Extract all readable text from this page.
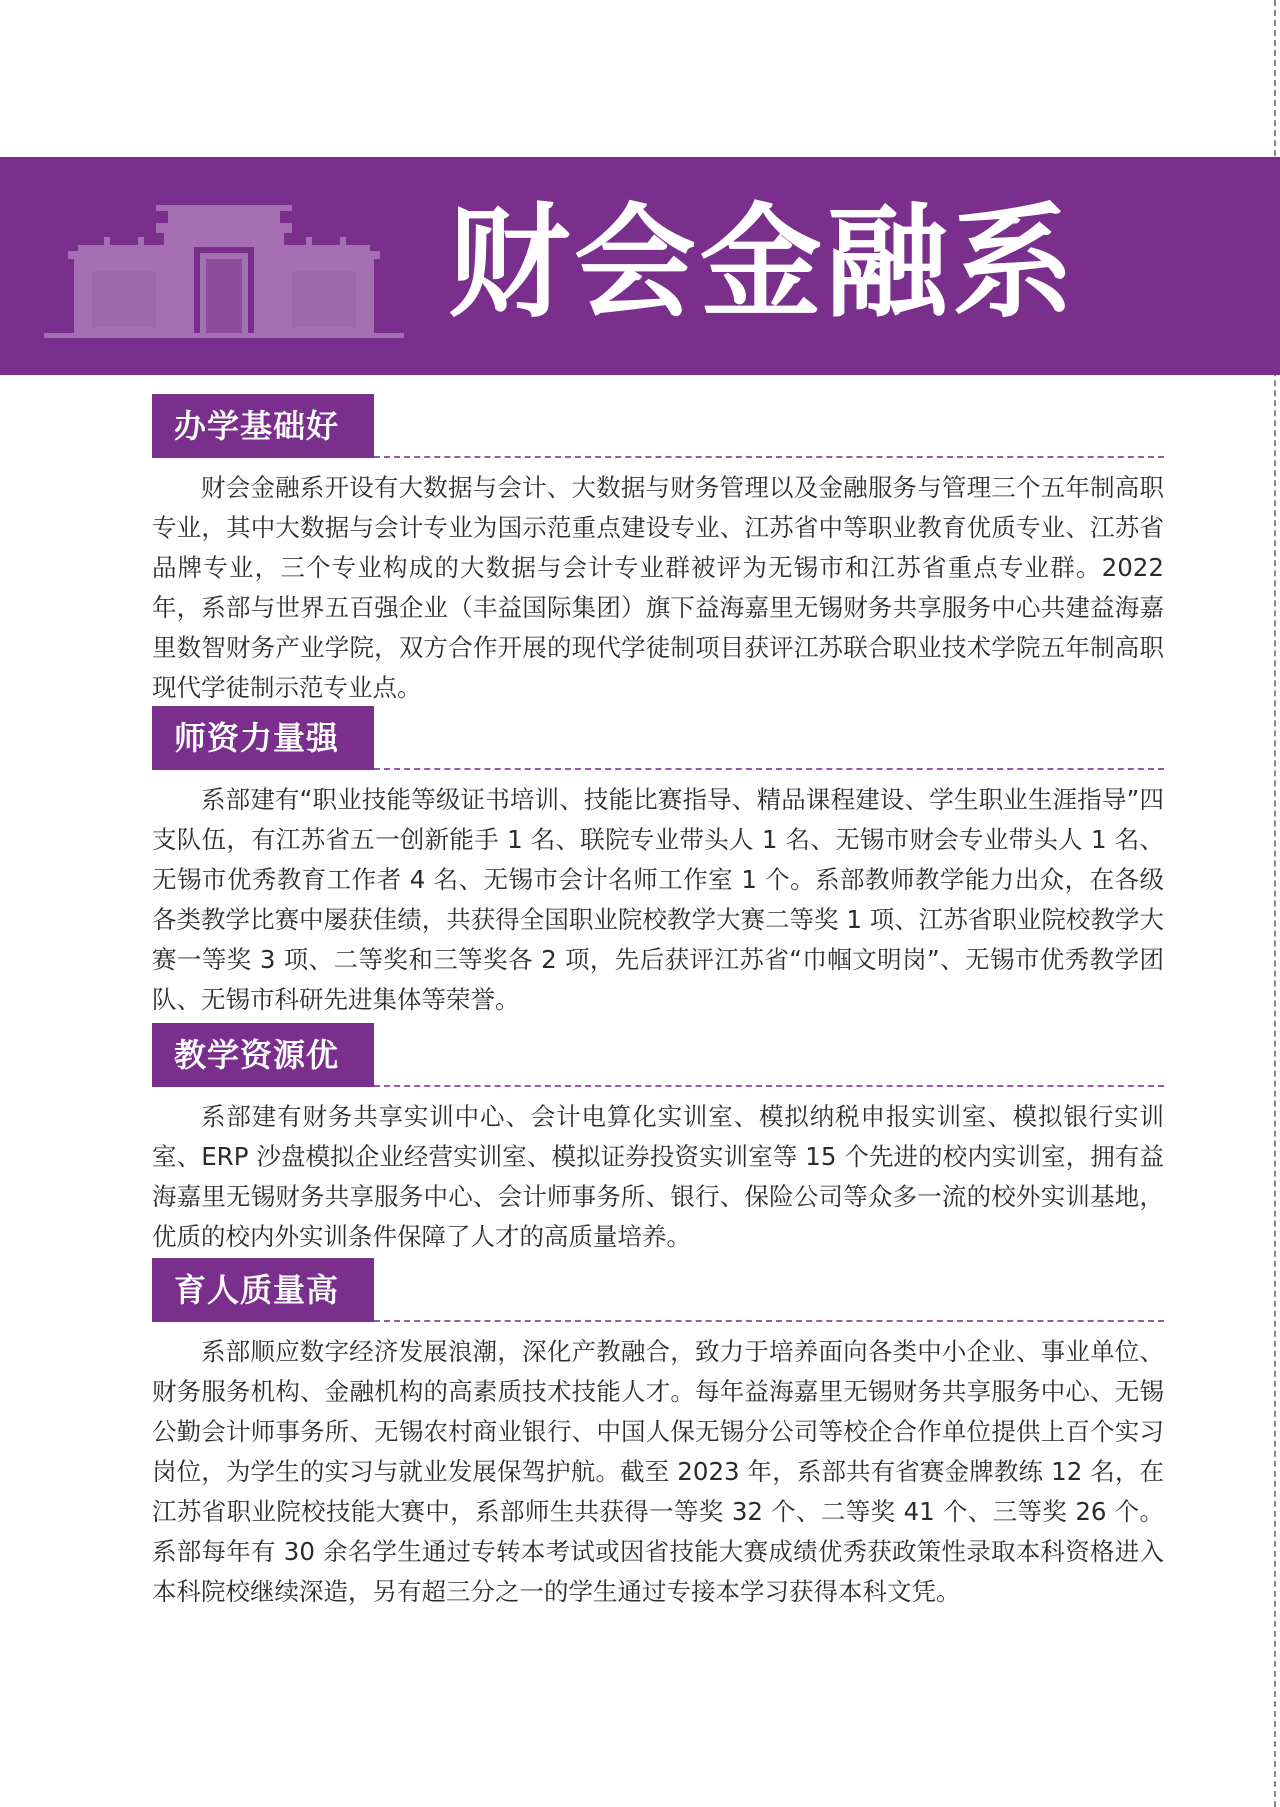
财会金融系
办学基础好

财会金融系开设有大数据与会计、大数据与财务管理以及金融服务与管理三个五年制高职专业，其中大数据与会计专业为国示范重点建设专业、江苏省中等职业教育优质专业、江苏省品牌专业，三个专业构成的大数据与会计专业群被评为无锡市和江苏省重点专业群。2022 年，系部与世界五百强企业（丰益国际集团）旗下益海嘉里无锡财务共享服务中心共建益海嘉里数智财务产业学院，双方合作开展的现代学徒制项目获评江苏联合职业技术学院五年制高职现代学徒制示范专业点。

师资力量强

系部建有“职业技能等级证书培训、技能比赛指导、精品课程建设、学生职业生涯指导”四支队伍，有江苏省五一创新能手 1 名、联院专业带头人 1 名、无锡市财会专业带头人 1 名、无锡市优秀教育工作者 4 名、无锡市会计名师工作室 1 个。系部教师教学能力出众，在各级各类教学比赛中屡获佳绩，共获得全国职业院校教学大赛二等奖 1 项、江苏省职业院校教学大赛一等奖 3 项、二等奖和三等奖各 2 项，先后获评江苏省“巾帼文明岗”、无锡市优秀教学团队、无锡市科研先进集体等荣誉。

教学资源优

系部建有财务共享实训中心、会计电算化实训室、模拟纳税申报实训室、模拟银行实训室、ERP 沙盘模拟企业经营实训室、模拟证券投资实训室等 15 个先进的校内实训室，拥有益海嘉里无锡财务共享服务中心、会计师事务所、银行、保险公司等众多一流的校外实训基地，优质的校内外实训条件保障了人才的高质量培养。

育人质量高

系部顺应数字经济发展浪潮，深化产教融合，致力于培养面向各类中小企业、事业单位、财务服务机构、金融机构的高素质技术技能人才。每年益海嘉里无锡财务共享服务中心、无锡公勤会计师事务所、无锡农村商业银行、中国人保无锡分公司等校企合作单位提供上百个实习岗位，为学生的实习与就业发展保驾护航。截至 2023 年，系部共有省赛金牌教练 12 名，在江苏省职业院校技能大赛中，系部师生共获得一等奖 32 个、二等奖 41 个、三等奖 26 个。系部每年有 30 余名学生通过专转本考试或因省技能大赛成绩优秀获政策性录取本科资格进入本科院校继续深造，另有超三分之一的学生通过专接本学习获得本科文凭。
